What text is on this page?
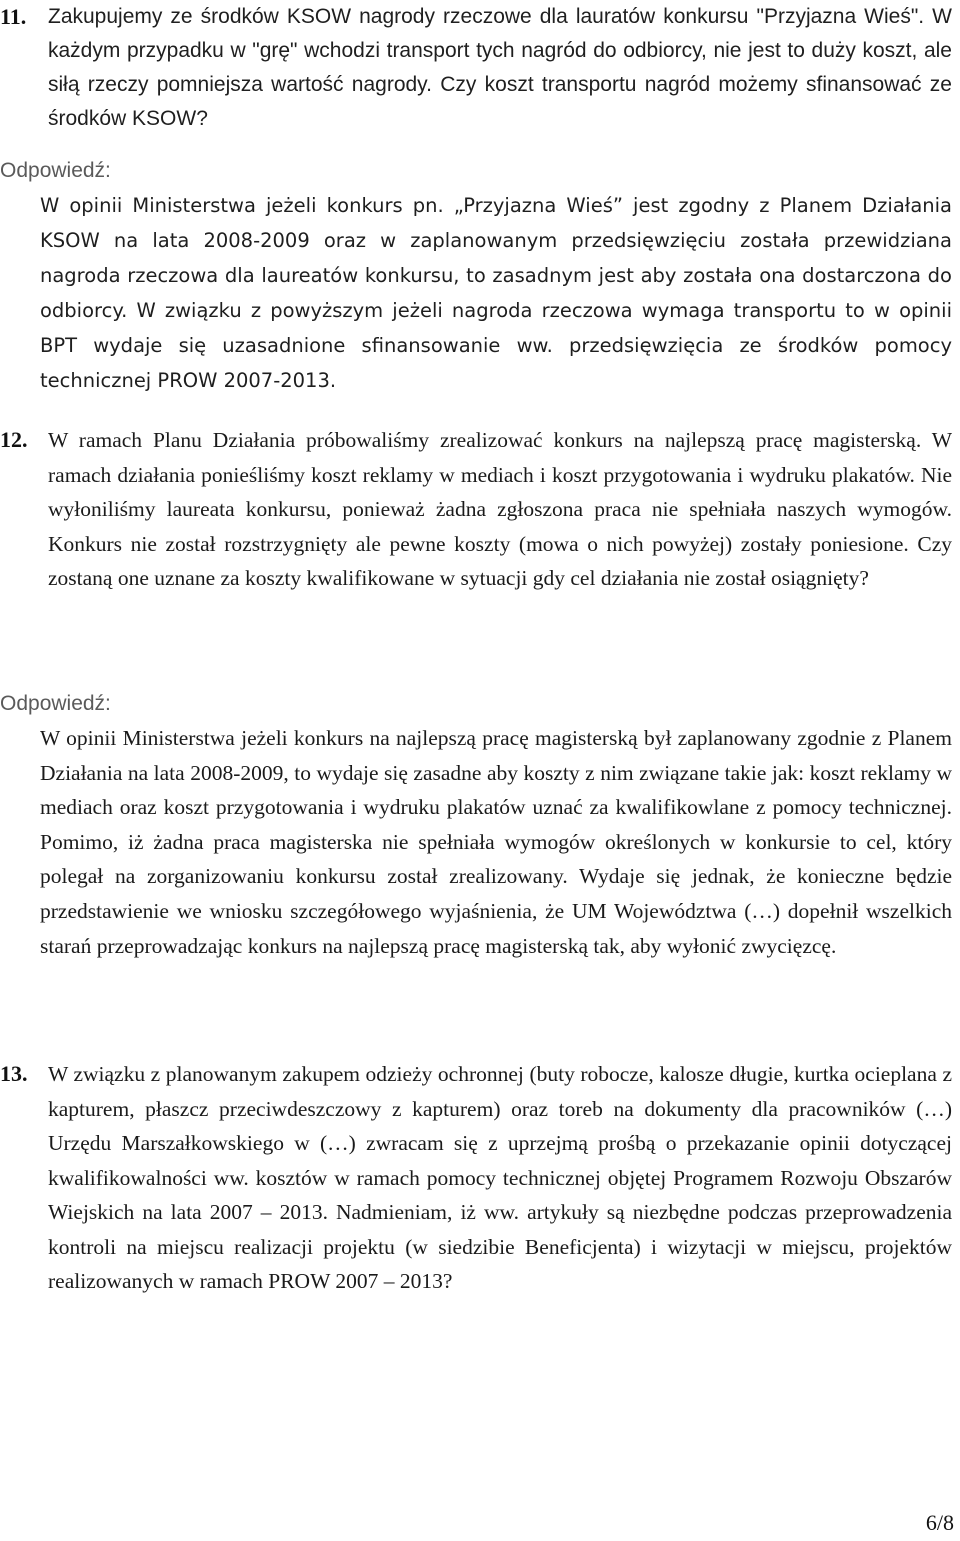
11.	Zakupujemy ze środków KSOW nagrody rzeczowe dla lauratów konkursu "Przyjazna Wieś". W każdym przypadku w "grę" wchodzi transport tych nagród do odbiorcy, nie jest to duży koszt, ale siłą rzeczy pomniejsza wartość nagrody. Czy koszt transportu nagród możemy sfinansować ze środków KSOW?

Odpowiedź:

W opinii Ministerstwa jeżeli konkurs pn. „Przyjazna Wieś” jest zgodny z Planem Działania KSOW na lata 2008-2009 oraz w zaplanowanym przedsięwzięciu została przewidziana nagroda rzeczowa dla laureatów konkursu, to zasadnym jest aby została ona dostarczona do odbiorcy. W związku z powyższym jeżeli nagroda rzeczowa wymaga transportu to w opinii BPT wydaje się uzasadnione sfinansowanie ww. przedsięwzięcia ze środków pomocy technicznej PROW 2007-2013.

12. W ramach Planu Działania próbowaliśmy zrealizować konkurs na najlepszą pracę magisterską. W ramach działania ponieśliśmy koszt reklamy w mediach i koszt przygotowania i wydruku plakatów. Nie wyłoniliśmy laureata konkursu, ponieważ żadna zgłoszona praca nie spełniała naszych wymogów. Konkurs nie został rozstrzygnięty ale pewne koszty (mowa o nich powyżej) zostały poniesione. Czy zostaną one uznane za koszty kwalifikowane w sytuacji gdy cel działania nie został osiągnięty?

Odpowiedź:

W opinii Ministerstwa jeżeli konkurs na najlepszą pracę magisterską był zaplanowany zgodnie z Planem Działania na lata 2008-2009, to wydaje się zasadne aby koszty z nim związane takie jak: koszt reklamy w mediach oraz koszt przygotowania i wydruku plakatów uznać za kwalifikowlane z pomocy technicznej. Pomimo, iż żadna praca magisterska nie spełniała wymogów określonych w konkursie to cel, który polegał na zorganizowaniu konkursu został zrealizowany. Wydaje się jednak, że konieczne będzie przedstawienie we wniosku szczegółowego wyjaśnienia, że UM Województwa (…) dopełnił wszelkich starań przeprowadzając konkurs na najlepszą pracę magisterską tak, aby wyłonić zwycięzcę.

13. W związku z planowanym zakupem odzieży ochronnej (buty robocze, kalosze długie, kurtka ocieplana z kapturem, płaszcz przeciwdeszczowy z kapturem) oraz toreb na dokumenty dla pracowników (…) Urzędu Marszałkowskiego w (…) zwracam się z uprzejmą prośbą o przekazanie opinii dotyczącej kwalifikowalności ww. kosztów w ramach pomocy technicznej objętej Programem Rozwoju Obszarów Wiejskich na lata 2007 – 2013. Nadmieniam, iż ww. artykuły są niezbędne podczas przeprowadzenia kontroli na miejscu realizacji projektu (w siedzibie Beneficjenta) i wizytacji w miejscu, projektów realizowanych w ramach PROW 2007 – 2013?

6/8
